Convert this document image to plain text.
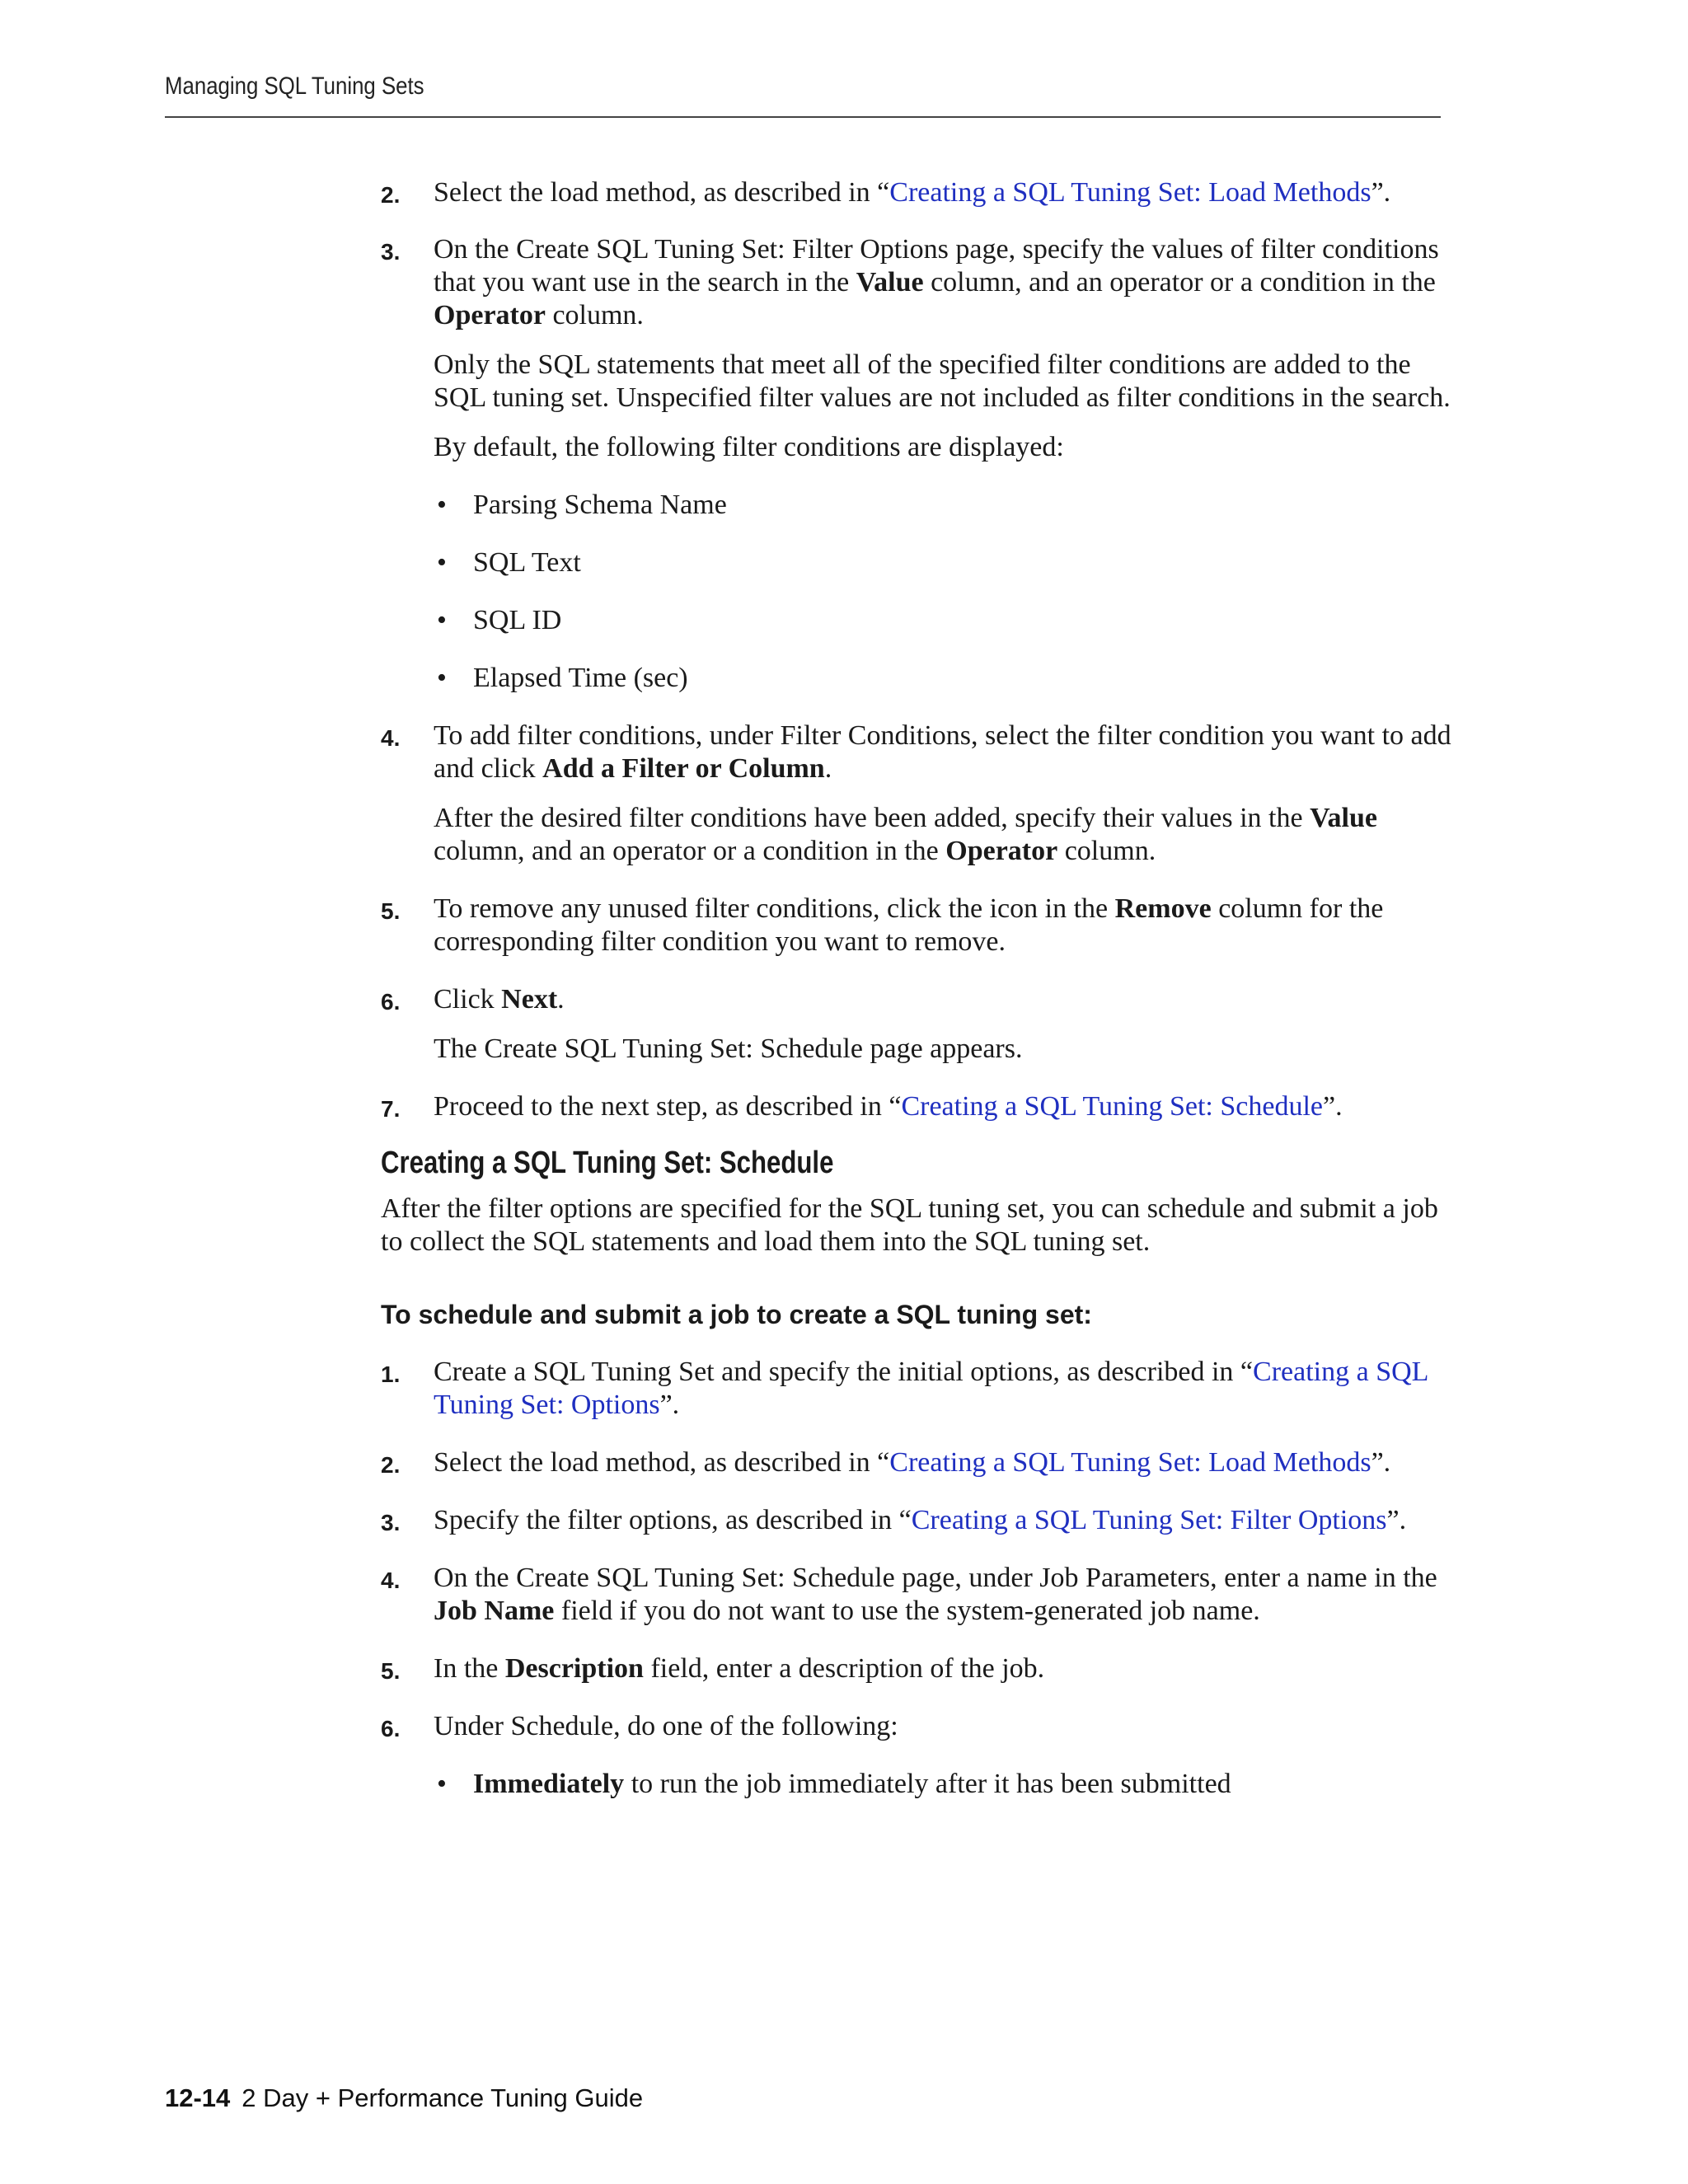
Managing SQL Tuning Sets
2. Select the load method, as described in “Creating a SQL Tuning Set: Load Methods”.
3. On the Create SQL Tuning Set: Filter Options page, specify the values of filter conditions that you want use in the search in the Value column, and an operator or a condition in the Operator column.
Only the SQL statements that meet all of the specified filter conditions are added to the SQL tuning set. Unspecified filter values are not included as filter conditions in the search.
By default, the following filter conditions are displayed:
• Parsing Schema Name
• SQL Text
• SQL ID
• Elapsed Time (sec)
4. To add filter conditions, under Filter Conditions, select the filter condition you want to add and click Add a Filter or Column.
After the desired filter conditions have been added, specify their values in the Value column, and an operator or a condition in the Operator column.
5. To remove any unused filter conditions, click the icon in the Remove column for the corresponding filter condition you want to remove.
6. Click Next.
The Create SQL Tuning Set: Schedule page appears.
7. Proceed to the next step, as described in “Creating a SQL Tuning Set: Schedule”.
Creating a SQL Tuning Set: Schedule
After the filter options are specified for the SQL tuning set, you can schedule and submit a job to collect the SQL statements and load them into the SQL tuning set.
To schedule and submit a job to create a SQL tuning set:
1. Create a SQL Tuning Set and specify the initial options, as described in “Creating a SQL Tuning Set: Options”.
2. Select the load method, as described in “Creating a SQL Tuning Set: Load Methods”.
3. Specify the filter options, as described in “Creating a SQL Tuning Set: Filter Options”.
4. On the Create SQL Tuning Set: Schedule page, under Job Parameters, enter a name in the Job Name field if you do not want to use the system-generated job name.
5. In the Description field, enter a description of the job.
6. Under Schedule, do one of the following:
• Immediately to run the job immediately after it has been submitted
12-14 2 Day + Performance Tuning Guide
